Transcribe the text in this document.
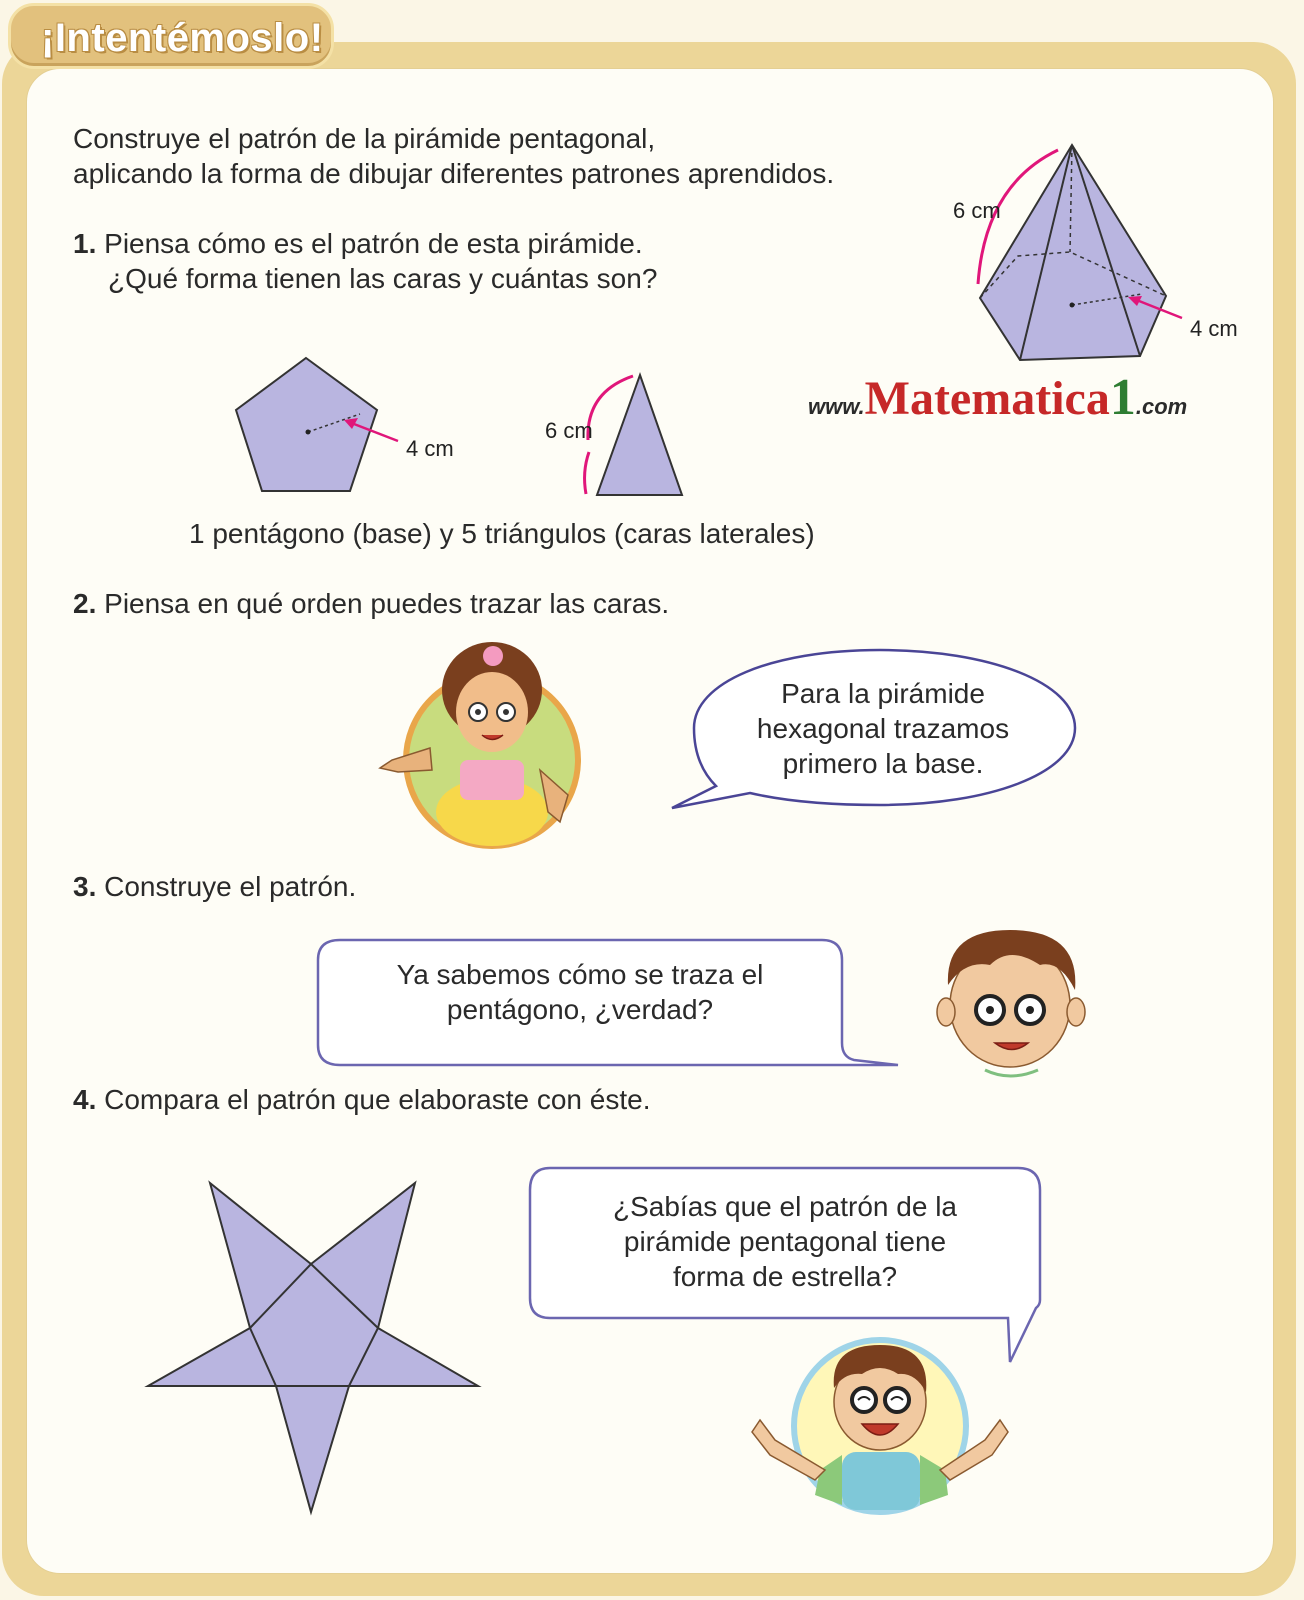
¡Intentémoslo!
Construye el patrón de la pirámide pentagonal,
aplicando la forma de dibujar diferentes patrones aprendidos.
1. Piensa cómo es el patrón de esta pirámide.
¿Qué forma tienen las caras y cuántas son?
6 cm
4 cm
4 cm
6 cm
www.Matematica1.com
1 pentágono (base) y 5 triángulos (caras laterales)
2. Piensa en qué orden puedes trazar las caras.
Para la pirámide
hexagonal trazamos
primero la base.
3. Construye el patrón.
Ya sabemos cómo se traza el
pentágono, ¿verdad?
4. Compara el patrón que elaboraste con éste.
¿Sabías que el patrón de la
pirámide pentagonal tiene
forma de estrella?
